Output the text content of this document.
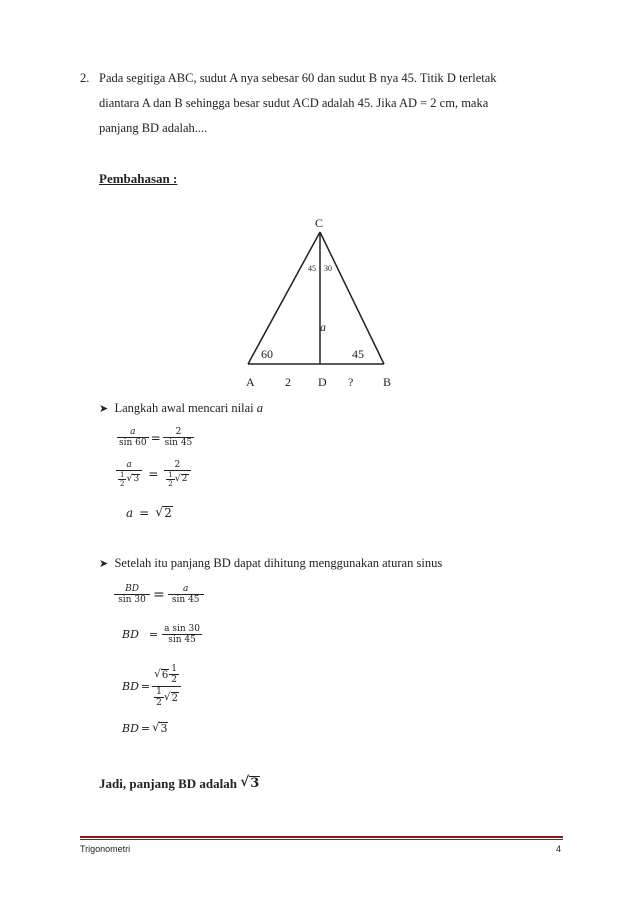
2. Pada segitiga ABC, sudut A nya sebesar 60 dan sudut B nya 45. Titik D terletak
diantara A dan B sehingga besar sudut ACD adalah 45. Jika AD = 2 cm, maka
panjang BD adalah....
Pembahasan :
C
45 30
a
60	45
A	2 D ? B
➤ Langkah awal mencari nilai a
$\frac{a}{\sin 60} = \frac{2}{\sin 45}$
$\frac{a}{\frac{1}{2} √ 3} = \frac{2}{\frac{1}{2} √ 2}$
a = √ 2
➤ Setelah itu panjang BD dapat dihitung menggunakan aturan sinus
$\frac{BD}{\sin 30} = \frac{a}{\sin 45}$
BD = $\frac{\text{a sin 30}}{\sin 45}$
BD = $\frac{√ 6 \frac{1}{2}}{\frac{1}{2} √ 2}$
BD = √ 3
Jadi, panjang BD adalah
√ 3
Trigonometri	4
